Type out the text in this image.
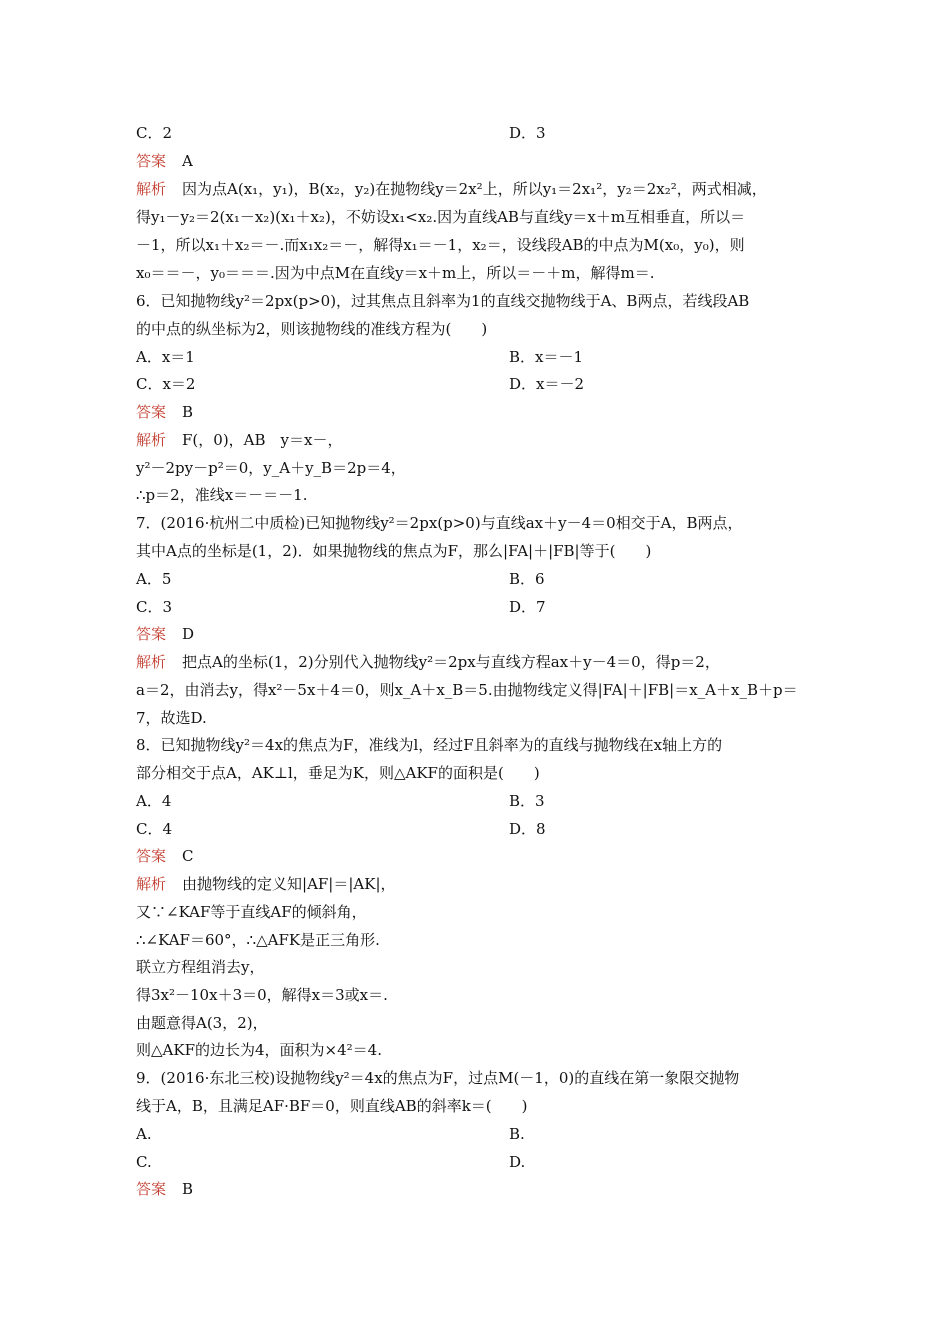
C．2	D．3
答案 A
解析 因为点A(x₁，y₁)，B(x₂，y₂)在抛物线y＝2x²上，所以y₁＝2x₁²，y₂＝2x₂²，两式相减，
得y₁－y₂＝2(x₁－x₂)(x₁＋x₂)，不妨设x₁<x₂.因为直线AB与直线y＝x＋m互相垂直，所以＝
－1，所以x₁＋x₂＝－.而x₁x₂＝－，解得x₁＝－1，x₂＝，设线段AB的中点为M(x₀，y₀)，则
x₀＝＝－，y₀＝＝＝.因为中点M在直线y＝x＋m上，所以＝－＋m，解得m＝.
6．已知抛物线y²＝2px(p>0)，过其焦点且斜率为1的直线交抛物线于A、B两点，若线段AB
的中点的纵坐标为2，则该抛物线的准线方程为(　　)
A．x＝1	B．x＝－1
C．x＝2	D．x＝－2
答案 B
解析 F(，0)，AB　y＝x－，
y²－2py－p²＝0，y_A＋y_B＝2p＝4，
∴p＝2，准线x＝－＝－1.
7．(2016·杭州二中质检)已知抛物线y²＝2px(p>0)与直线ax＋y－4＝0相交于A，B两点，
其中A点的坐标是(1，2)．如果抛物线的焦点为F，那么|FA|＋|FB|等于(　　)
A．5	B．6
C．3	D．7
答案 D
解析 把点A的坐标(1，2)分别代入抛物线y²＝2px与直线方程ax＋y－4＝0，得p＝2，
a＝2，由消去y，得x²－5x＋4＝0，则x_A＋x_B＝5.由抛物线定义得|FA|＋|FB|＝x_A＋x_B＋p＝
7，故选D.
8．已知抛物线y²＝4x的焦点为F，准线为l，经过F且斜率为的直线与抛物线在x轴上方的
部分相交于点A，AK⊥l，垂足为K，则△AKF的面积是(　　)
A．4	B．3
C．4	D．8
答案 C
解析 由抛物线的定义知|AF|＝|AK|，
又∵∠KAF等于直线AF的倾斜角，
∴∠KAF＝60°，∴△AFK是正三角形.
联立方程组消去y，
得3x²－10x＋3＝0，解得x＝3或x＝.
由题意得A(3，2)，
则△AKF的边长为4，面积为×4²＝4.
9．(2016·东北三校)设抛物线y²＝4x的焦点为F，过点M(－1，0)的直线在第一象限交抛物
线于A，B，且满足AF·BF＝0，则直线AB的斜率k＝(　　)
A.	B.
C.	D.
答案 B
